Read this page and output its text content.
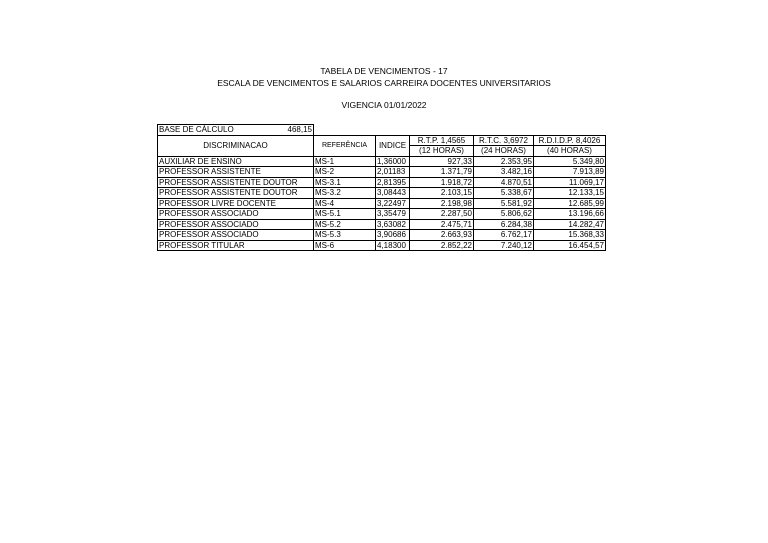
TABELA DE VENCIMENTOS - 17
ESCALA DE VENCIMENTOS E SALARIOS CARREIRA DOCENTES UNIVERSITARIOS
VIGENCIA 01/01/2022
BASE DE CÁLCULO 468,15					

DISCRIMINACAO	REFERÊNCIA	INDICE	R.T.P. 1,4565	R.T.C. 3,6972	R.D.I.D.P. 8,4026
			(12 HORAS)	(24 HORAS)	(40 HORAS)
AUXILIAR DE ENSINO	MS-1	1,36000	927,33	2.353,95	5.349,80
PROFESSOR ASSISTENTE	MS-2	2,01183	1.371,79	3.482,16	7.913,89
PROFESSOR ASSISTENTE DOUTOR	MS-3.1	2,81395	1.918,72	4.870,51	11.069,17
PROFESSOR ASSISTENTE DOUTOR	MS-3.2	3,08443	2.103,15	5.338,67	12.133,15
PROFESSOR LIVRE DOCENTE	MS-4	3,22497	2.198,98	5.581,92	12.685,99
PROFESSOR ASSOCIADO	MS-5.1	3,35479	2.287,50	5.806,62	13.196,66
PROFESSOR ASSOCIADO	MS-5.2	3,63082	2.475,71	6.284,38	14.282,47
PROFESSOR ASSOCIADO	MS-5.3	3,90686	2.663,93	6.762,17	15.368,33
PROFESSOR TITULAR	MS-6	4,18300	2.852,22	7.240,12	16.454,57
